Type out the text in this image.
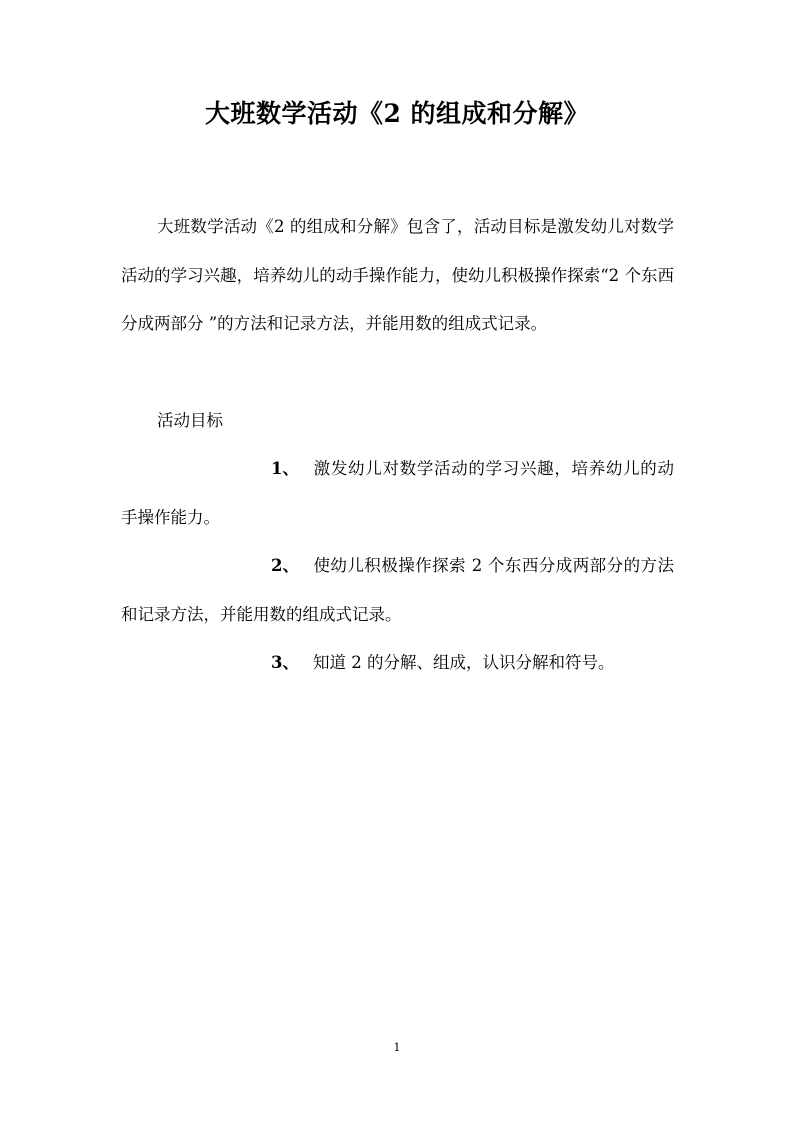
大班数学活动《2 的组成和分解》
大班数学活动《2 的组成和分解》包含了，活动目标是激发幼儿对数学活动的学习兴趣，培养幼儿的动手操作能力，使幼儿积极操作探索“2 个东西分成两部分 ”的方法和记录方法，并能用数的组成式记录。
活动目标
1、 激发幼儿对数学活动的学习兴趣，培养幼儿的动手操作能力。
2、 使幼儿积极操作探索 2 个东西分成两部分的方法和记录方法，并能用数的组成式记录。
3、 知道 2 的分解、组成，认识分解和符号。
1
